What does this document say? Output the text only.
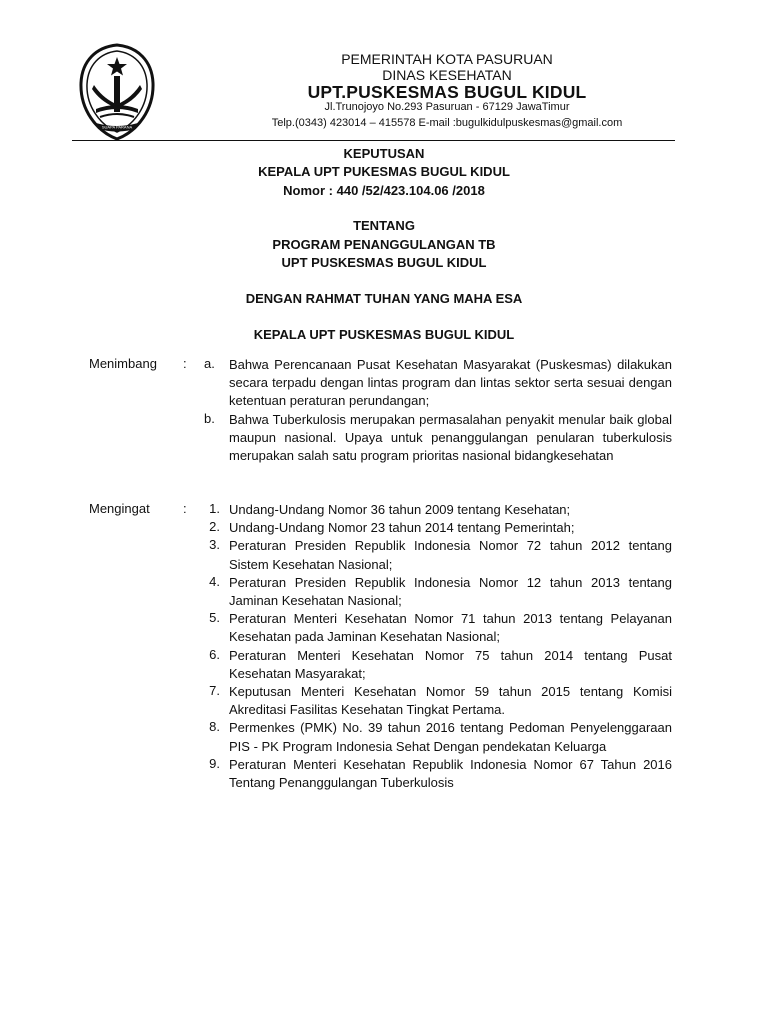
SUAPA PARANA
PEMERINTAH KOTA PASURUAN
DINAS KESEHATAN
UPT.PUSKESMAS BUGUL KIDUL
Jl.Trunojoyo No.293 Pasuruan - 67129 JawaTimur
Telp.(0343) 423014 – 415578 E-mail :bugulkidulpuskesmas@gmail.com
KEPUTUSAN
KEPALA UPT PUKESMAS BUGUL KIDUL
Nomor : 440 /52/423.104.06 /2018
TENTANG
PROGRAM PENANGGULANGAN TB
UPT PUSKESMAS BUGUL KIDUL
DENGAN RAHMAT TUHAN YANG MAHA ESA
KEPALA UPT PUSKESMAS BUGUL KIDUL
Menimbang : a. Bahwa Perencanaan Pusat Kesehatan Masyarakat (Puskesmas) dilakukan secara terpadu dengan lintas program dan lintas sektor serta sesuai dengan ketentuan peraturan perundangan;
b. Bahwa Tuberkulosis merupakan permasalahan penyakit menular baik global maupun nasional. Upaya untuk penanggulangan penularan tuberkulosis merupakan salah satu program prioritas nasional bidangkesehatan
Mengingat	:	1. Undang-Undang Nomor 36 tahun 2009 tentang Kesehatan;
2. Undang-Undang Nomor 23 tahun 2014 tentang Pemerintah;
3. Peraturan Presiden Republik Indonesia Nomor 72 tahun 2012 tentang Sistem Kesehatan Nasional;
4. Peraturan Presiden Republik Indonesia Nomor 12 tahun 2013 tentang Jaminan Kesehatan Nasional;
5. Peraturan Menteri Kesehatan Nomor 71 tahun 2013 tentang Pelayanan Kesehatan pada Jaminan Kesehatan Nasional;
6. Peraturan Menteri Kesehatan Nomor 75 tahun 2014 tentang Pusat Kesehatan Masyarakat;
7. Keputusan Menteri Kesehatan Nomor 59 tahun 2015 tentang Komisi Akreditasi Fasilitas Kesehatan Tingkat Pertama.
8. Permenkes (PMK) No. 39 tahun 2016 tentang Pedoman Penyelenggaraan PIS - PK Program Indonesia Sehat Dengan pendekatan Keluarga
9. Peraturan Menteri Kesehatan Republik Indonesia Nomor 67 Tahun 2016 Tentang Penanggulangan Tuberkulosis
